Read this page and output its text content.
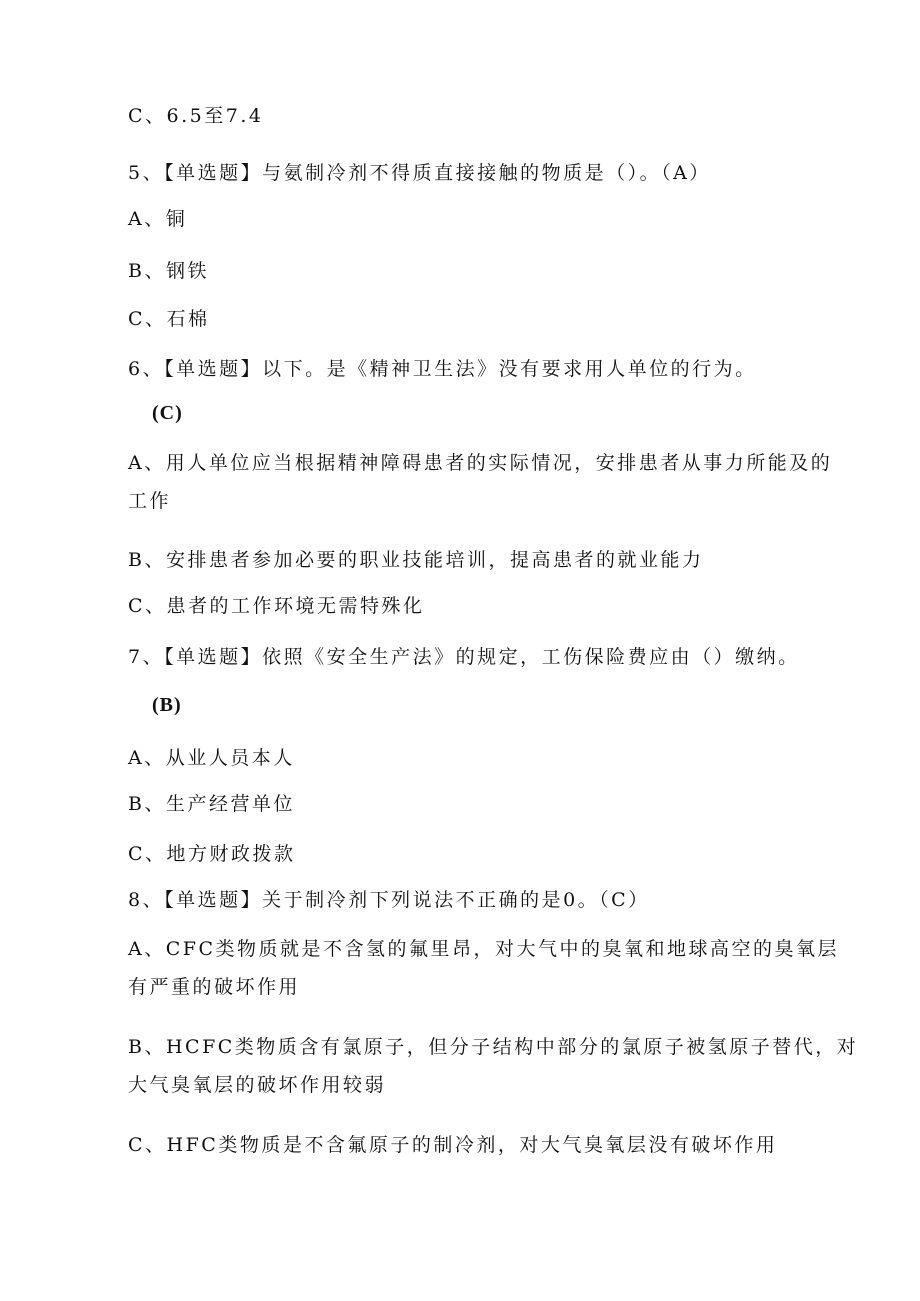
C、6.5至7.4
5、【单选题】与氨制冷剂不得质直接接触的物质是（）。（A）
A、铜
B、钢铁
C、石棉
6、【单选题】以下。是《精神卫生法》没有要求用人单位的行为。
(C)
A、用人单位应当根据精神障碍患者的实际情况，安排患者从事力所能及的
工作
B、安排患者参加必要的职业技能培训，提高患者的就业能力
C、患者的工作环境无需特殊化
7、【单选题】依照《安全生产法》的规定，工伤保险费应由（）缴纳。
(B)
A、从业人员本人
B、生产经营单位
C、地方财政拨款
8、【单选题】关于制冷剂下列说法不正确的是0。（C）
A、CFC类物质就是不含氢的氟里昂，对大气中的臭氧和地球高空的臭氧层
有严重的破坏作用
B、HCFC类物质含有氯原子，但分子结构中部分的氯原子被氢原子替代，对
大气臭氧层的破坏作用较弱
C、HFC类物质是不含氟原子的制冷剂，对大气臭氧层没有破坏作用
